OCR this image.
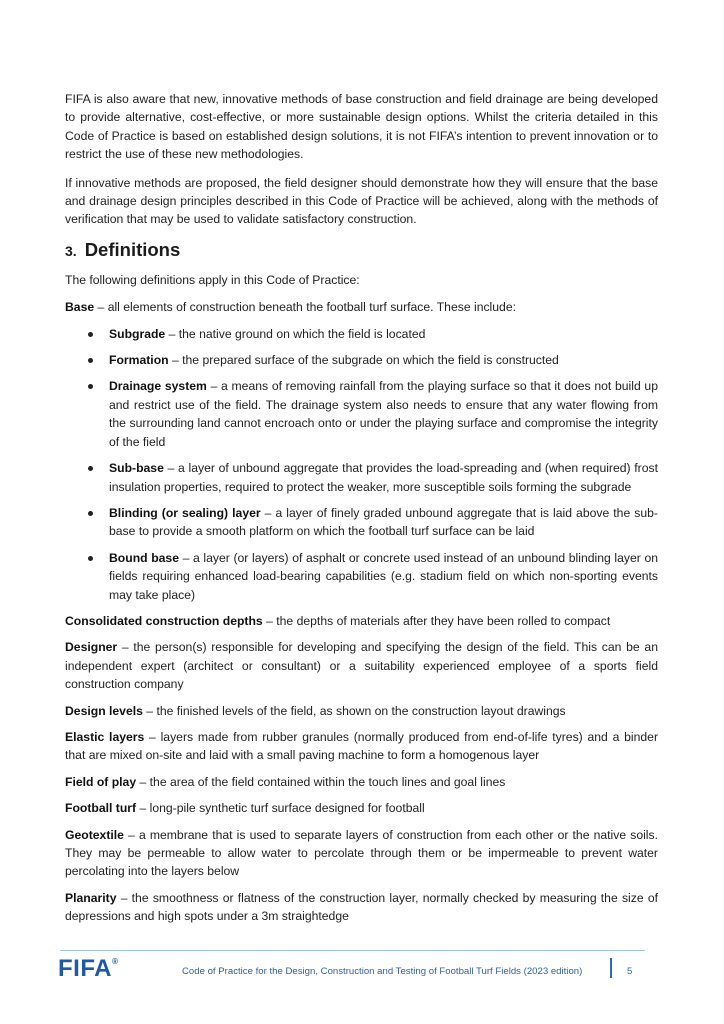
FIFA is also aware that new, innovative methods of base construction and field drainage are being developed to provide alternative, cost-effective, or more sustainable design options. Whilst the criteria detailed in this Code of Practice is based on established design solutions, it is not FIFA’s intention to prevent innovation or to restrict the use of these new methodologies.

If innovative methods are proposed, the field designer should demonstrate how they will ensure that the base and drainage design principles described in this Code of Practice will be achieved, along with the methods of verification that may be used to validate satisfactory construction.

3. Definitions

The following definitions apply in this Code of Practice:

Base – all elements of construction beneath the football turf surface. These include:

Subgrade – the native ground on which the field is located

Formation – the prepared surface of the subgrade on which the field is constructed

Drainage system – a means of removing rainfall from the playing surface so that it does not build up and restrict use of the field. The drainage system also needs to ensure that any water flowing from the surrounding land cannot encroach onto or under the playing surface and compromise the integrity of the field

Sub-base – a layer of unbound aggregate that provides the load-spreading and (when required) frost insulation properties, required to protect the weaker, more susceptible soils forming the subgrade

Blinding (or sealing) layer – a layer of finely graded unbound aggregate that is laid above the sub-base to provide a smooth platform on which the football turf surface can be laid

Bound base – a layer (or layers) of asphalt or concrete used instead of an unbound blinding layer on fields requiring enhanced load-bearing capabilities (e.g. stadium field on which non-sporting events may take place)

Consolidated construction depths – the depths of materials after they have been rolled to compact

Designer – the person(s) responsible for developing and specifying the design of the field. This can be an independent expert (architect or consultant) or a suitability experienced employee of a sports field construction company

Design levels – the finished levels of the field, as shown on the construction layout drawings

Elastic layers – layers made from rubber granules (normally produced from end-of-life tyres) and a binder that are mixed on-site and laid with a small paving machine to form a homogenous layer

Field of play – the area of the field contained within the touch lines and goal lines

Football turf – long-pile synthetic turf surface designed for football

Geotextile – a membrane that is used to separate layers of construction from each other or the native soils. They may be permeable to allow water to percolate through them or be impermeable to prevent water percolating into the layers below

Planarity – the smoothness or flatness of the construction layer, normally checked by measuring the size of depressions and high spots under a 3m straightedge

FIFA®
Code of Practice for the Design, Construction and Testing of Football Turf Fields (2023 edition)	5
